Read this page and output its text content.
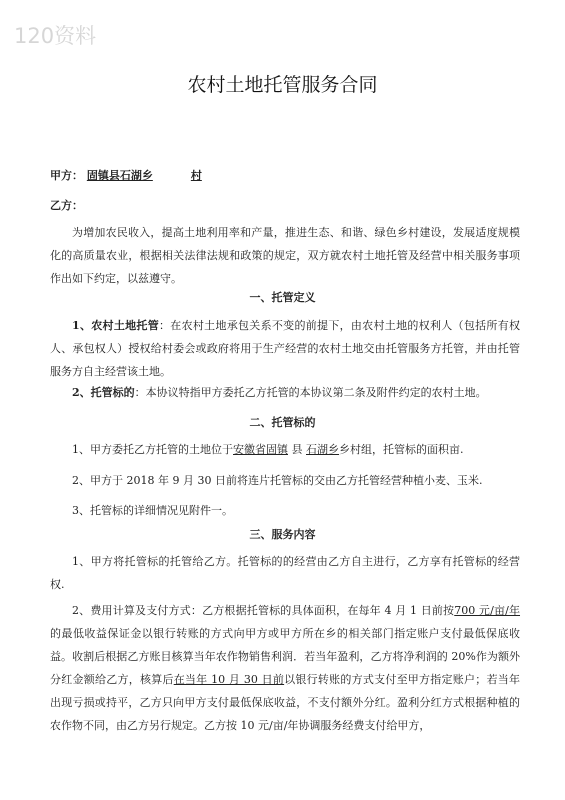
120资料
农村土地托管服务合同
甲方： 固镇县石湖乡	村
乙方：

为增加农民收入，提高土地利用率和产量，推进生态、和谐、绿色乡村建设，发展适度规模化的高质量农业，根据相关法律法规和政策的规定，双方就农村土地托管及经营中相关服务事项作出如下约定，以兹遵守。

一、托管定义

1、农村土地托管：在农村土地承包关系不变的前提下，由农村土地的权利人（包括所有权人、承包权人）授权给村委会或政府将用于生产经营的农村土地交由托管服务方托管，并由托管服务方自主经营该土地。

2、托管标的：本协议特指甲方委托乙方托管的本协议第二条及附件约定的农村土地。

二、托管标的

1、甲方委托乙方托管的土地位于安徽省固镇 县 石湖乡乡村组，托管标的面积亩.

2、甲方于 2018 年 9 月 30 日前将连片托管标的交由乙方托管经营种植小麦、玉米.

3、托管标的详细情况见附件一。

三、服务内容

1、甲方将托管标的托管给乙方。托管标的的经营由乙方自主进行，乙方享有托管标的经营权.

2、费用计算及支付方式：乙方根据托管标的具体面积，在每年 4 月 1 日前按700 元/亩/年的最低收益保证金以银行转账的方式向甲方或甲方所在乡的相关部门指定账户支付最低保底收益。收割后根据乙方账目核算当年农作物销售利润．若当年盈利，乙方将净利润的 20%作为额外分红金额给乙方，核算后在当年 10 月 30 日前以银行转账的方式支付至甲方指定账户；若当年出现亏损或持平，乙方只向甲方支付最低保底收益，不支付额外分红。盈利分红方式根据种植的农作物不同，由乙方另行规定。乙方按 10 元/亩/年协调服务经费支付给甲方，
